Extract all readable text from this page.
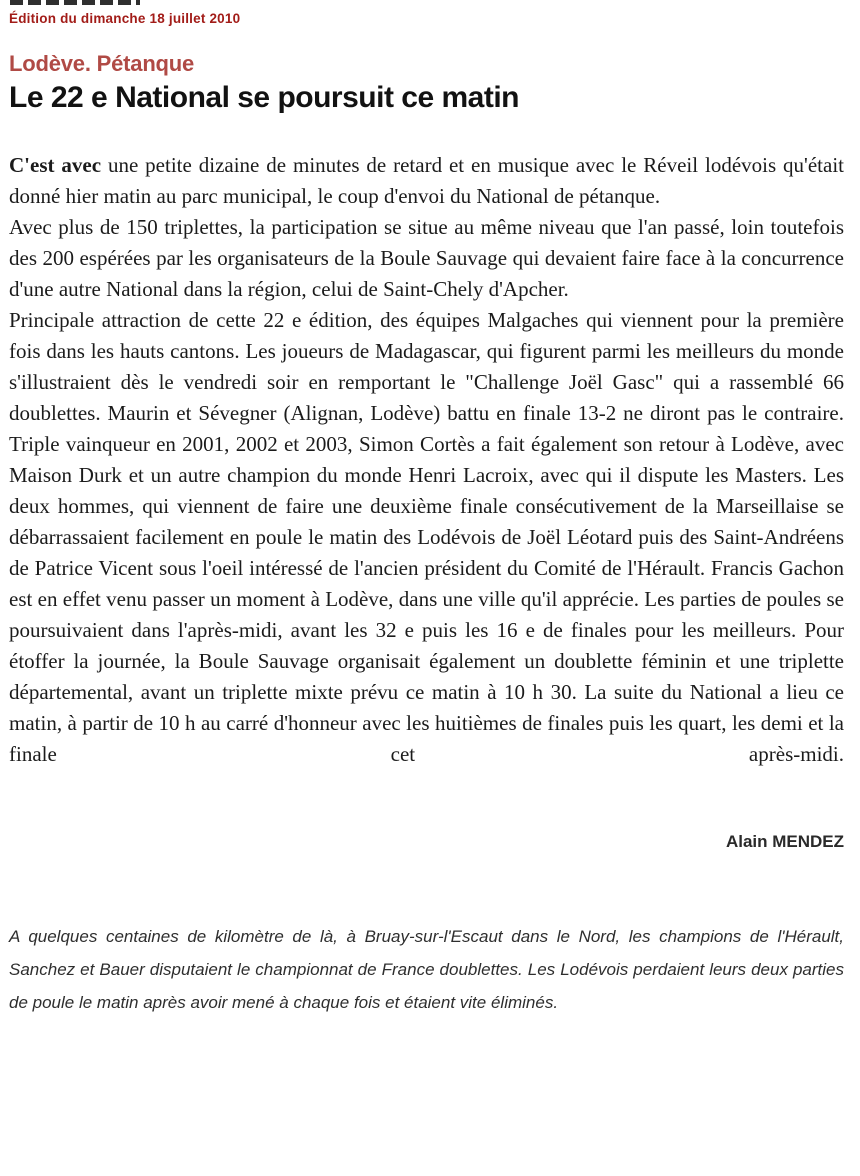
Édition du dimanche 18 juillet 2010
Lodève. Pétanque
Le 22 e National se poursuit ce matin

C'est avec une petite dizaine de minutes de retard et en musique avec le Réveil lodévois qu'était donné hier matin au parc municipal, le coup d'envoi du National de pétanque.

Avec plus de 150 triplettes, la participation se situe au même niveau que l'an passé, loin toutefois des 200 espérées par les organisateurs de la Boule Sauvage qui devaient faire face à la concurrence d'une autre National dans la région, celui de Saint-Chely d'Apcher.

Principale attraction de cette 22 e édition, des équipes Malgaches qui viennent pour la première fois dans les hauts cantons. Les joueurs de Madagascar, qui figurent parmi les meilleurs du monde s'illustraient dès le vendredi soir en remportant le "Challenge Joël Gasc" qui a rassemblé 66 doublettes. Maurin et Sévegner (Alignan, Lodève) battu en finale 13-2 ne diront pas le contraire. Triple vainqueur en 2001, 2002 et 2003, Simon Cortès a fait également son retour à Lodève, avec Maison Durk et un autre champion du monde Henri Lacroix, avec qui il dispute les Masters. Les deux hommes, qui viennent de faire une deuxième finale consécutivement de la Marseillaise se débarrassaient facilement en poule le matin des Lodévois de Joël Léotard puis des Saint-Andréens de Patrice Vicent sous l'oeil intéressé de l'ancien président du Comité de l'Hérault. Francis Gachon est en effet venu passer un moment à Lodève, dans une ville qu'il apprécie. Les parties de poules se poursuivaient dans l'après-midi, avant les 32 e puis les 16 e de finales pour les meilleurs. Pour étoffer la journée, la Boule Sauvage organisait également un doublette féminin et une triplette départemental, avant un triplette mixte prévu ce matin à 10 h 30. La suite du National a lieu ce matin, à partir de 10 h au carré d'honneur avec les huitièmes de finales puis les quart, les demi et la finale cet après-midi.

Alain MENDEZ
A quelques centaines de kilomètre de là, à Bruay-sur-l'Escaut dans le Nord, les champions de l'Hérault, Sanchez et Bauer disputaient le championnat de France doublettes. Les Lodévois perdaient leurs deux parties de poule le matin après avoir mené à chaque fois et étaient vite éliminés.
